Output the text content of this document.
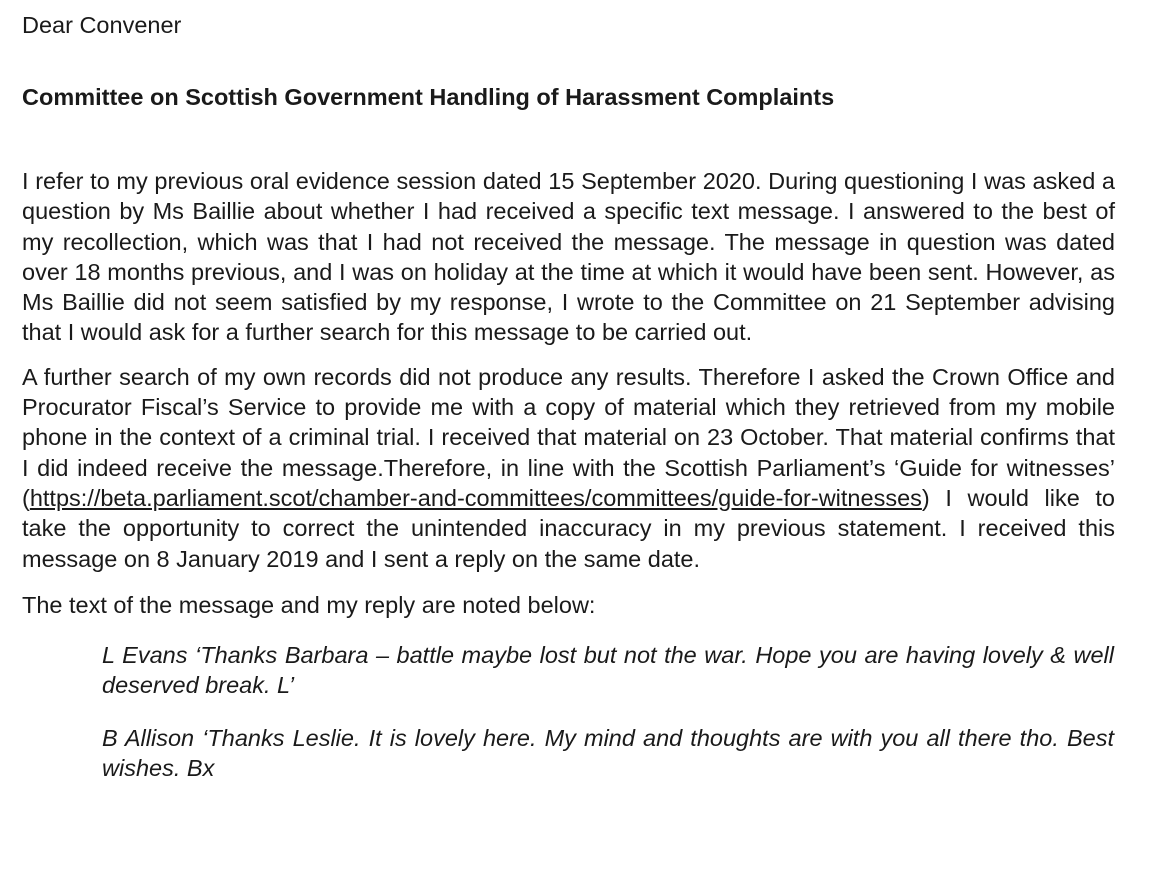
Dear Convener

Committee on Scottish Government Handling of Harassment Complaints

I refer to my previous oral evidence session dated 15 September 2020. During questioning I was asked a question by Ms Baillie about whether I had received a specific text message. I answered to the best of my recollection, which was that I had not received the message. The message in question was dated over 18 months previous, and I was on holiday at the time at which it would have been sent. However, as Ms Baillie did not seem satisfied by my response, I wrote to the Committee on 21 September advising that I would ask for a further search for this message to be carried out.

A further search of my own records did not produce any results. Therefore I asked the Crown Office and Procurator Fiscal’s Service to provide me with a copy of material which they retrieved from my mobile phone in the context of a criminal trial. I received that material on 23 October. That material confirms that I did indeed receive the message.Therefore, in line with the Scottish Parliament’s ‘Guide for witnesses’ (https://beta.parliament.scot/chamber-and-committees/committees/guide-for-witnesses) I would like to take the opportunity to correct the unintended inaccuracy in my previous statement. I received this message on 8 January 2019 and I sent a reply on the same date.

The text of the message and my reply are noted below:

L Evans ‘Thanks Barbara – battle maybe lost but not the war. Hope you are having lovely & well deserved break. L’

B Allison ‘Thanks Leslie. It is lovely here. My mind and thoughts are with you all there tho. Best wishes. Bx
